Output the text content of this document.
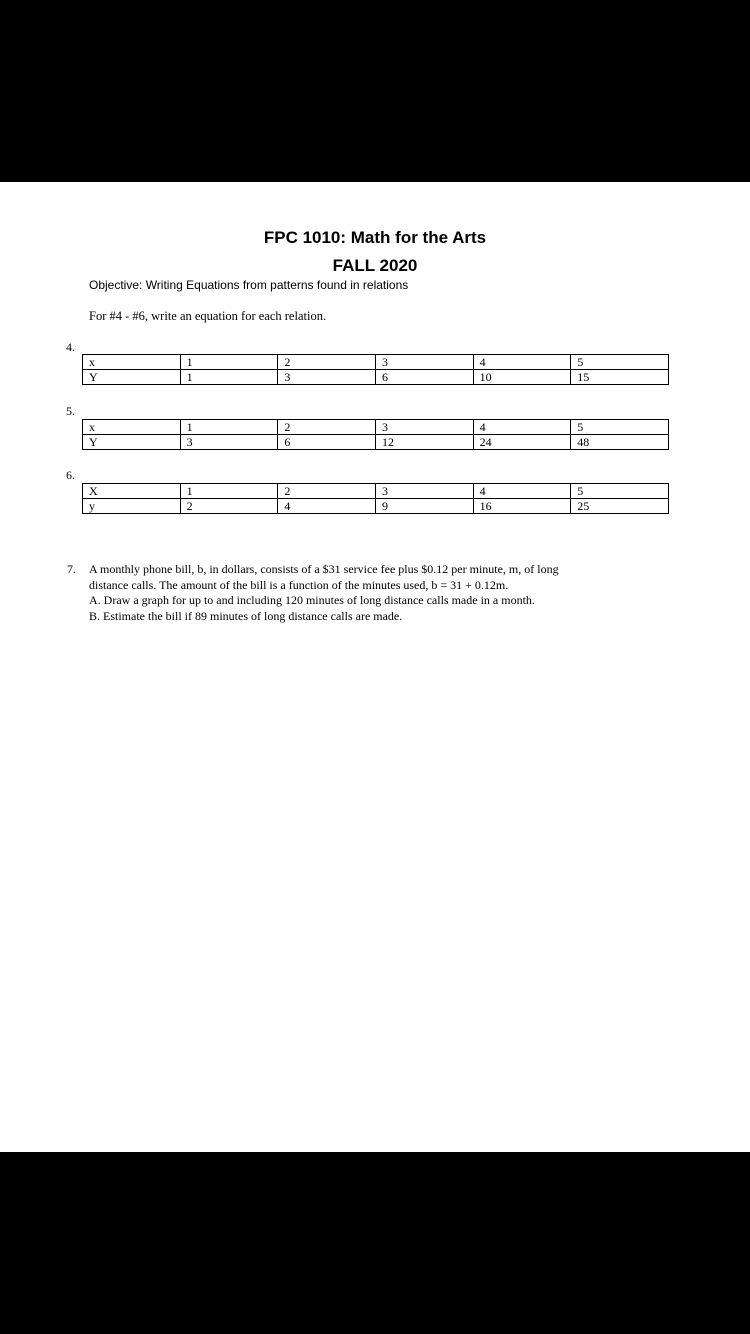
FPC 1010: Math for the Arts
FALL 2020
Objective: Writing Equations from patterns found in relations
For #4 - #6, write an equation for each relation.
4.
x	1	2	3	4	5
Y	1	3	6	10	15
5.
x	1	2	3	4	5
Y	3	6	12	24	48
6.
X	1	2	3	4	5
y	2	4	9	16	25
7. A monthly phone bill, b, in dollars, consists of a $31 service fee plus $0.12 per minute, m, of long
distance calls. The amount of the bill is a function of the minutes used, b = 31 + 0.12m.
A. Draw a graph for up to and including 120 minutes of long distance calls made in a month.
B. Estimate the bill if 89 minutes of long distance calls are made.
